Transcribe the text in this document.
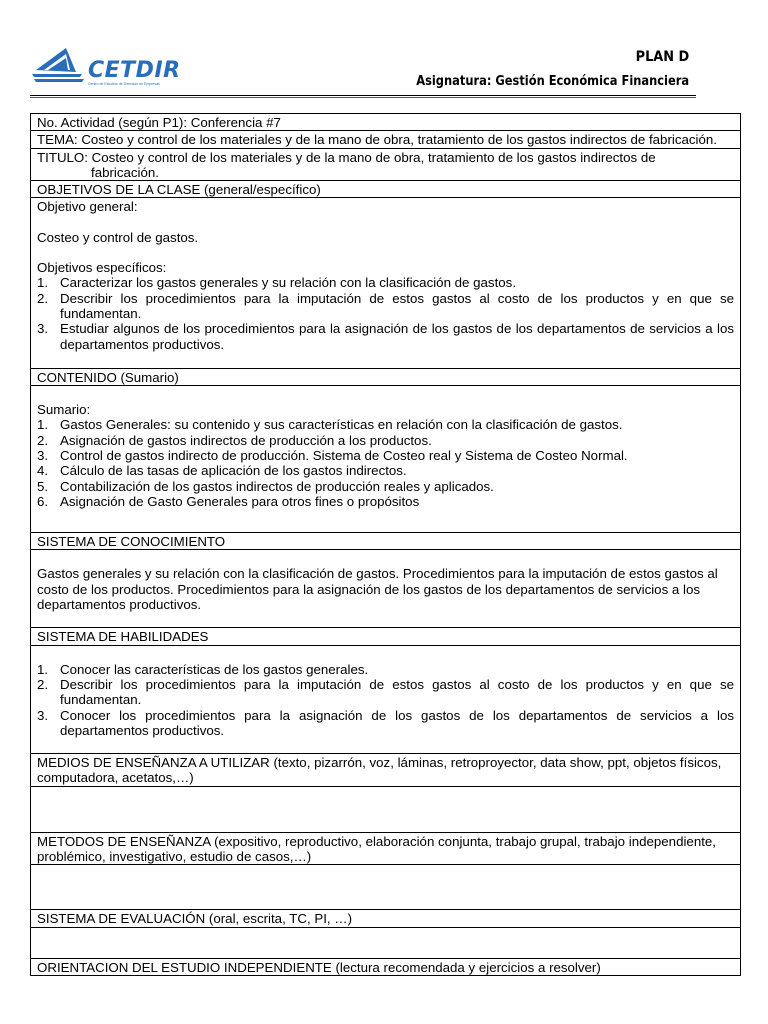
CETDIR
Centro de Estudios de Dirección de Empresas
PLAN D
Asignatura: Gestión Económica Financiera
No. Actividad (según P1): Conferencia #7
TEMA: Costeo y control de los materiales y de la mano de obra, tratamiento de los gastos indirectos de fabricación.

TITULO: Costeo y control de los materiales y de la mano de obra, tratamiento de los gastos indirectos de
fabricación.

OBJETIVOS DE LA CLASE (general/específico)

Objetivo general:
Costeo y control de gastos.
Objetivos específicos:
1. Caracterizar los gastos generales y su relación con la clasificación de gastos.
2. Describir los procedimientos para la imputación de estos gastos al costo de los productos y en que se fundamentan.
3. Estudiar algunos de los procedimientos para la asignación de los gastos de los departamentos de servicios a los departamentos productivos.

CONTENIDO (Sumario)

Sumario:
1. Gastos Generales: su contenido y sus características en relación con la clasificación de gastos.
2. Asignación de gastos indirectos de producción a los productos.
3. Control de gastos indirecto de producción. Sistema de Costeo real y Sistema de Costeo Normal.
4. Cálculo de las tasas de aplicación de los gastos indirectos.
5. Contabilización de los gastos indirectos de producción reales y aplicados.
6. Asignación de Gasto Generales para otros fines o propósitos

SISTEMA DE CONOCIMIENTO

Gastos generales y su relación con la clasificación de gastos. Procedimientos para la imputación de estos gastos al costo de los productos. Procedimientos para la asignación de los gastos de los departamentos de servicios a los departamentos productivos.

SISTEMA DE HABILIDADES

1. Conocer las características de los gastos generales.
2. Describir los procedimientos para la imputación de estos gastos al costo de los productos y en que se fundamentan.
3. Conocer los procedimientos para la asignación de los gastos de los departamentos de servicios a los departamentos productivos.

MEDIOS DE ENSEÑANZA A UTILIZAR (texto, pizarrón, voz, láminas, retroproyector, data show, ppt, objetos físicos, computadora, acetatos,…)

METODOS DE ENSEÑANZA (expositivo, reproductivo, elaboración conjunta, trabajo grupal, trabajo independiente, problémico, investigativo, estudio de casos,…)

SISTEMA DE EVALUACIÓN (oral, escrita, TC, PI, …)

ORIENTACION DEL ESTUDIO INDEPENDIENTE (lectura recomendada y ejercicios a resolver)
